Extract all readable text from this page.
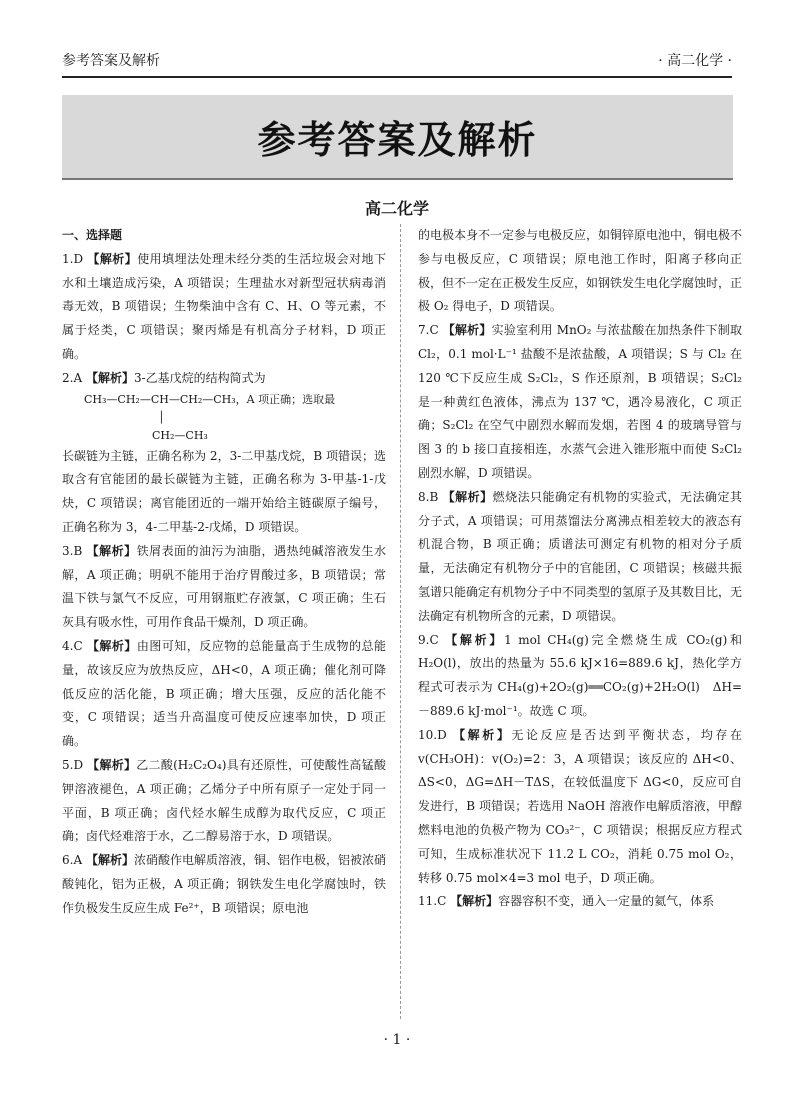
参考答案及解析	· 高二化学 ·
参考答案及解析
高二化学
一、选择题

1.D 【解析】使用填埋法处理未经分类的生活垃圾会对地下水和土壤造成污染，A 项错误；生理盐水对新型冠状病毒消毒无效，B 项错误；生物柴油中含有 C、H、O 等元素，不属于烃类，C 项错误；聚丙烯是有机高分子材料，D 项正确。

2.A 【解析】3-乙基戊烷的结构简式为

CH₃—CH₂—CH—CH₂—CH₃，A 项正确；选取最
│
CH₂—CH₃

长碳链为主链，正确名称为 2，3-二甲基戊烷，B 项错误；选取含有官能团的最长碳链为主链，正确名称为 3-甲基-1-戊炔，C 项错误；离官能团近的一端开始给主链碳原子编号，正确名称为 3，4-二甲基-2-戊烯，D 项错误。

3.B 【解析】铁屑表面的油污为油脂，遇热纯碱溶液发生水解，A 项正确；明矾不能用于治疗胃酸过多，B 项错误；常温下铁与氯气不反应，可用钢瓶贮存液氯，C 项正确；生石灰具有吸水性，可用作食品干燥剂，D 项正确。

4.C 【解析】由图可知，反应物的总能量高于生成物的总能量，故该反应为放热反应，ΔH<0，A 项正确；催化剂可降低反应的活化能，B 项正确；增大压强，反应的活化能不变，C 项错误；适当升高温度可使反应速率加快，D 项正确。

5.D 【解析】乙二酸(H₂C₂O₄)具有还原性，可使酸性高锰酸钾溶液褪色，A 项正确；乙烯分子中所有原子一定处于同一平面，B 项正确；卤代烃水解生成醇为取代反应，C 项正确；卤代烃难溶于水，乙二醇易溶于水，D 项错误。

6.A 【解析】浓硝酸作电解质溶液，铜、铝作电极，铝被浓硝酸钝化，铝为正极，A 项正确；钢铁发生电化学腐蚀时，铁作负极发生反应生成 Fe²⁺，B 项错误；原电池

的电极本身不一定参与电极反应，如铜锌原电池中，铜电极不参与电极反应，C 项错误；原电池工作时，阳离子移向正极，但不一定在正极发生反应，如钢铁发生电化学腐蚀时，正极 O₂ 得电子，D 项错误。

7.C 【解析】实验室利用 MnO₂ 与浓盐酸在加热条件下制取 Cl₂，0.1 mol·L⁻¹ 盐酸不是浓盐酸，A 项错误；S 与 Cl₂ 在 120 ℃下反应生成 S₂Cl₂，S 作还原剂，B 项错误；S₂Cl₂ 是一种黄红色液体，沸点为 137 ℃，遇冷易液化，C 项正确；S₂Cl₂ 在空气中剧烈水解而发烟，若图 4 的玻璃导管与图 3 的 b 接口直接相连，水蒸气会进入锥形瓶中而使 S₂Cl₂ 剧烈水解，D 项错误。

8.B 【解析】燃烧法只能确定有机物的实验式，无法确定其分子式，A 项错误；可用蒸馏法分离沸点相差较大的液态有机混合物，B 项正确；质谱法可测定有机物的相对分子质量，无法确定有机物分子中的官能团，C 项错误；核磁共振氢谱只能确定有机物分子中不同类型的氢原子及其数目比，无法确定有机物所含的元素，D 项错误。

9.C 【解析】1 mol CH₄(g)完全燃烧生成 CO₂(g)和 H₂O(l)，放出的热量为 55.6 kJ×16=889.6 kJ，热化学方程式可表示为 CH₄(g)+2O₂(g)══CO₂(g)+2H₂O(l)　ΔH=－889.6 kJ·mol⁻¹。故选 C 项。

10.D 【解析】无论反应是否达到平衡状态，均存在 v(CH₃OH)：v(O₂)=2：3，A 项错误；该反应的 ΔH<0、ΔS<0，ΔG=ΔH－TΔS，在较低温度下 ΔG<0，反应可自发进行，B 项错误；若选用 NaOH 溶液作电解质溶液，甲醇燃料电池的负极产物为 CO₃²⁻，C 项错误；根据反应方程式可知，生成标准状况下 11.2 L CO₂，消耗 0.75 mol O₂，转移 0.75 mol×4=3 mol 电子，D 项正确。

11.C 【解析】容器容积不变，通入一定量的氦气，体系

· 1 ·
